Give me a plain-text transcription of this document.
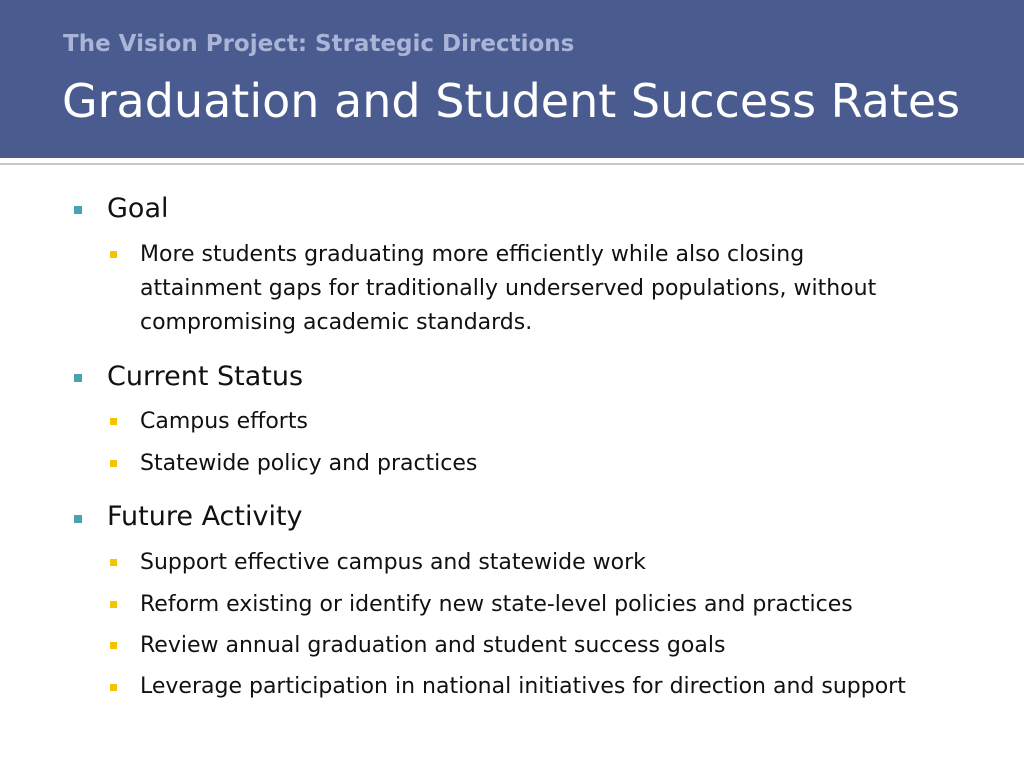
The Vision Project: Strategic Directions
Graduation and Student Success Rates
Goal
More students graduating more efficiently while also closing
attainment gaps for traditionally underserved populations, without
compromising academic standards.
Current Status
Campus efforts
Statewide policy and practices
Future Activity
Support effective campus and statewide work
Reform existing or identify new state-level policies and practices
Review annual graduation and student success goals
Leverage participation in national initiatives for direction and support
